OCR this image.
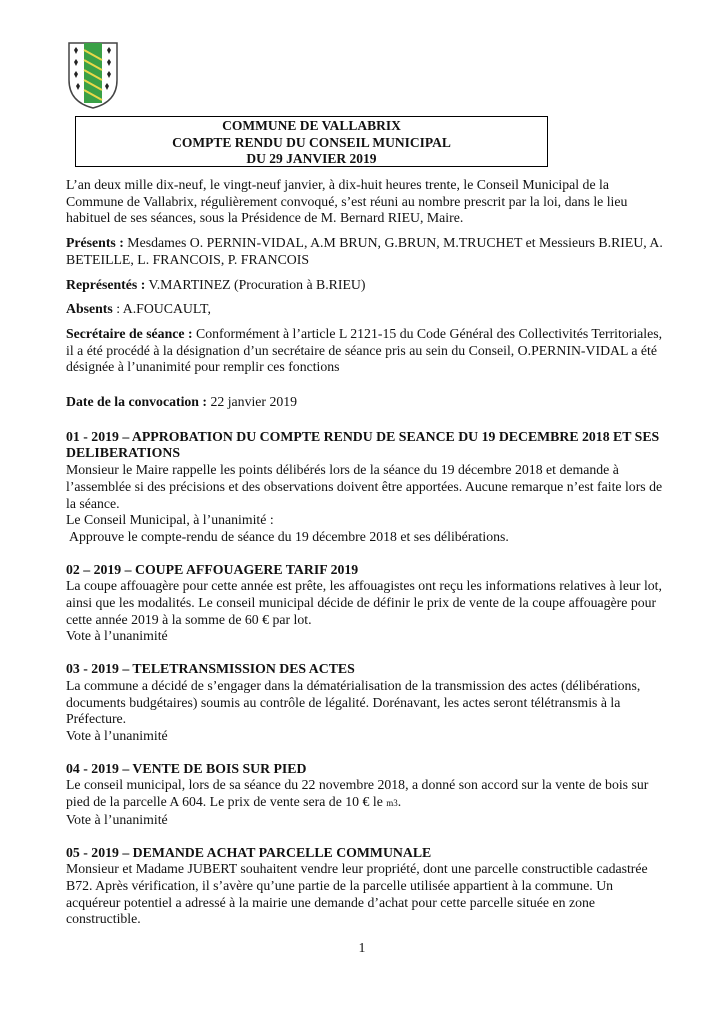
COMMUNE DE VALLABRIX
COMPTE RENDU DU CONSEIL MUNICIPAL
DU 29 JANVIER 2019

L’an deux mille dix-neuf, le vingt-neuf janvier, à dix-huit heures trente, le Conseil Municipal de la Commune de Vallabrix, régulièrement convoqué, s’est réuni au nombre prescrit par la loi, dans le lieu habituel de ses séances, sous la Présidence de M. Bernard RIEU, Maire.

Présents : Mesdames O. PERNIN-VIDAL, A.M BRUN, G.BRUN, M.TRUCHET et Messieurs B.RIEU, A. BETEILLE, L. FRANCOIS, P. FRANCOIS

Représentés : V.MARTINEZ (Procuration à B.RIEU)

Absents : A.FOUCAULT,

Secrétaire de séance : Conformément à l’article L 2121-15 du Code Général des Collectivités Territoriales, il a été procédé à la désignation d’un secrétaire de séance pris au sein du Conseil, O.PERNIN-VIDAL a été désignée à l’unanimité pour remplir ces fonctions

Date de la convocation : 22 janvier 2019

01 - 2019 – APPROBATION DU COMPTE RENDU DE SEANCE DU 19 DECEMBRE 2018 ET SES DELIBERATIONS

Monsieur le Maire rappelle les points délibérés lors de la séance du 19 décembre 2018 et demande à l’assemblée si des précisions et des observations doivent être apportées. Aucune remarque n’est faite lors de la séance.

Le Conseil Municipal, à l’unanimité :

Approuve le compte-rendu de séance du 19 décembre 2018 et ses délibérations.

02 – 2019 – COUPE AFFOUAGERE TARIF 2019

La coupe affouagère pour cette année est prête, les affouagistes ont reçu les informations relatives à leur lot, ainsi que les modalités. Le conseil municipal décide de définir le prix de vente de la coupe affouagère pour cette année 2019 à la somme de 60 € par lot.

Vote à l’unanimité

03 - 2019 – TELETRANSMISSION DES ACTES

La commune a décidé de s’engager dans la dématérialisation de la transmission des actes (délibérations, documents budgétaires) soumis au contrôle de légalité. Dorénavant, les actes seront télétransmis à la Préfecture.

Vote à l’unanimité

04 - 2019 – VENTE DE BOIS SUR PIED

Le conseil municipal, lors de sa séance du 22 novembre 2018, a donné son accord sur la vente de bois sur pied de la parcelle A 604. Le prix de vente sera de 10 € le m3.

Vote à l’unanimité

05 - 2019 – DEMANDE ACHAT PARCELLE COMMUNALE

Monsieur et Madame JUBERT souhaitent vendre leur propriété, dont une parcelle constructible cadastrée B72. Après vérification, il s’avère qu’une partie de la parcelle utilisée appartient à la commune. Un acquéreur potentiel a adressé à la mairie une demande d’achat pour cette parcelle située en zone constructible.

1
